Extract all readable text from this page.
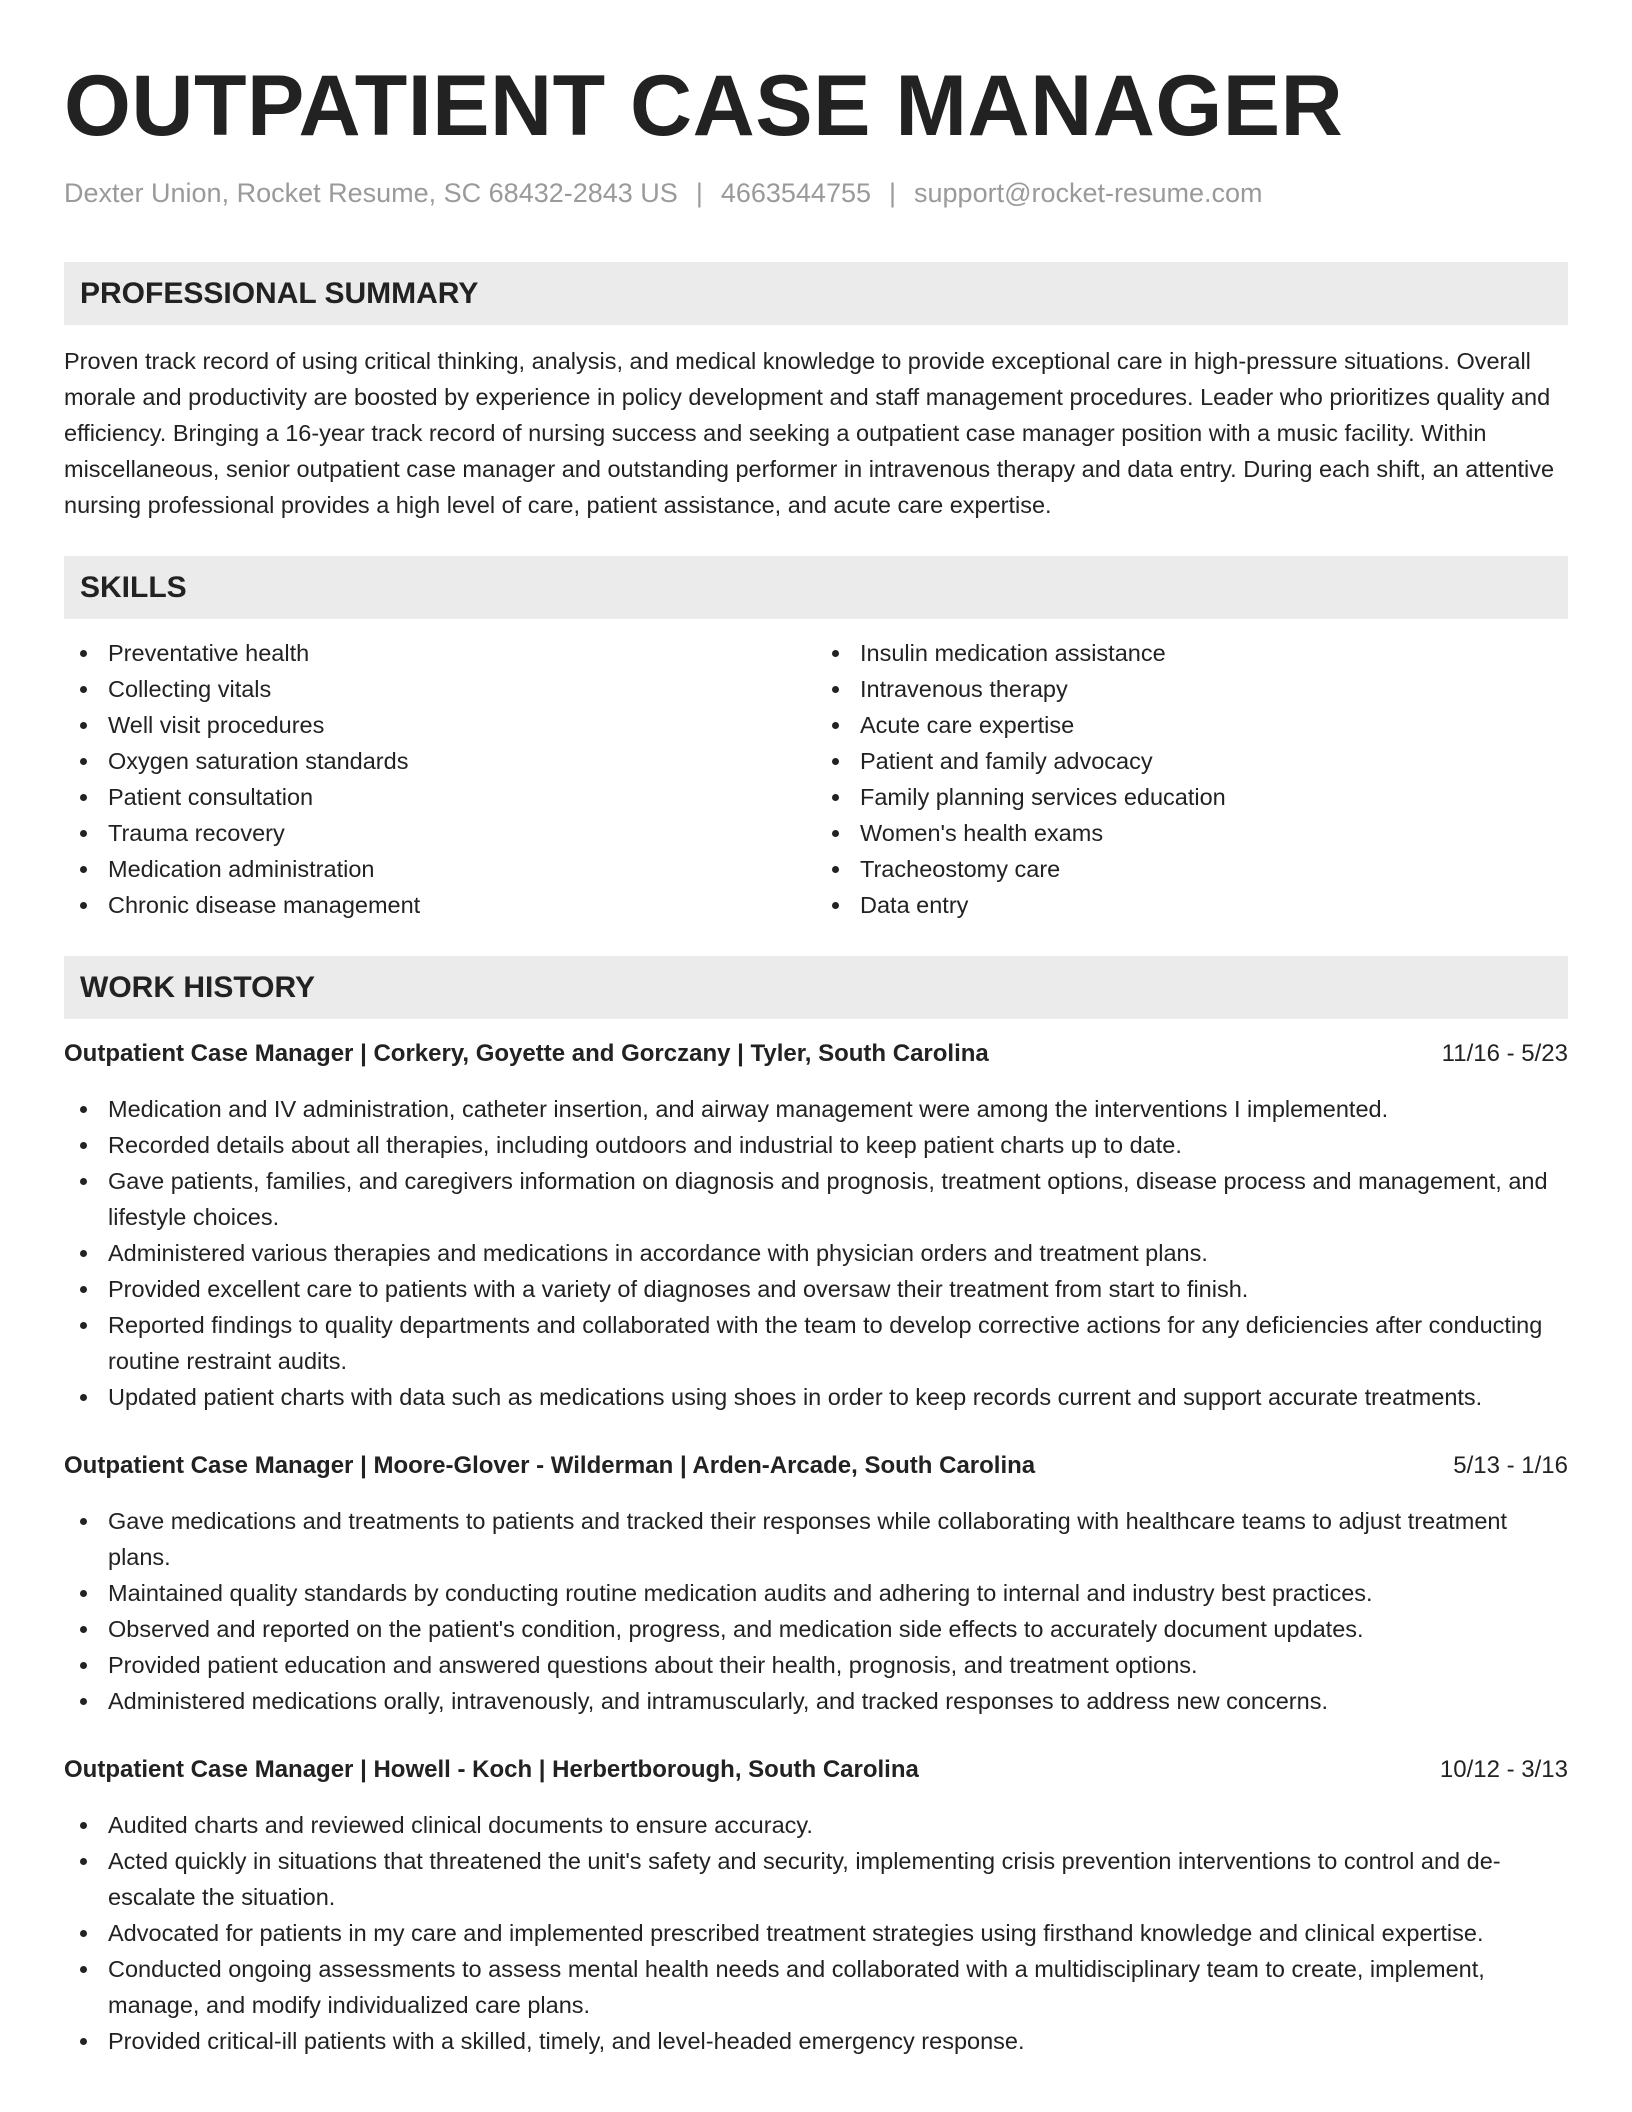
OUTPATIENT CASE MANAGER
Dexter Union, Rocket Resume, SC 68432-2843 US | 4663544755 | support@rocket-resume.com
PROFESSIONAL SUMMARY

Proven track record of using critical thinking, analysis, and medical knowledge to provide exceptional care in high-pressure situations. Overall morale and productivity are boosted by experience in policy development and staff management procedures. Leader who prioritizes quality and efficiency. Bringing a 16-year track record of nursing success and seeking a outpatient case manager position with a music facility. Within miscellaneous, senior outpatient case manager and outstanding performer in intravenous therapy and data entry. During each shift, an attentive nursing professional provides a high level of care, patient assistance, and acute care expertise.

SKILLS
Preventative health
Collecting vitals
Well visit procedures
Oxygen saturation standards
Patient consultation
Trauma recovery
Medication administration
Chronic disease management
Insulin medication assistance
Intravenous therapy
Acute care expertise
Patient and family advocacy
Family planning services education
Women's health exams
Tracheostomy care
Data entry
WORK HISTORY
Outpatient Case Manager | Corkery, Goyette and Gorczany | Tyler, South Carolina	11/16 - 5/23
Medication and IV administration, catheter insertion, and airway management were among the interventions I implemented.
Recorded details about all therapies, including outdoors and industrial to keep patient charts up to date.
Gave patients, families, and caregivers information on diagnosis and prognosis, treatment options, disease process and management, and lifestyle choices.
Administered various therapies and medications in accordance with physician orders and treatment plans.
Provided excellent care to patients with a variety of diagnoses and oversaw their treatment from start to finish.
Reported findings to quality departments and collaborated with the team to develop corrective actions for any deficiencies after conducting routine restraint audits.
Updated patient charts with data such as medications using shoes in order to keep records current and support accurate treatments.
Outpatient Case Manager | Moore-Glover - Wilderman | Arden-Arcade, South Carolina	5/13 - 1/16
Gave medications and treatments to patients and tracked their responses while collaborating with healthcare teams to adjust treatment plans.
Maintained quality standards by conducting routine medication audits and adhering to internal and industry best practices.
Observed and reported on the patient's condition, progress, and medication side effects to accurately document updates.
Provided patient education and answered questions about their health, prognosis, and treatment options.
Administered medications orally, intravenously, and intramuscularly, and tracked responses to address new concerns.
Outpatient Case Manager | Howell - Koch | Herbertborough, South Carolina	10/12 - 3/13
Audited charts and reviewed clinical documents to ensure accuracy.
Acted quickly in situations that threatened the unit's safety and security, implementing crisis prevention interventions to control and de-escalate the situation.
Advocated for patients in my care and implemented prescribed treatment strategies using firsthand knowledge and clinical expertise.
Conducted ongoing assessments to assess mental health needs and collaborated with a multidisciplinary team to create, implement, manage, and modify individualized care plans.
Provided critical-ill patients with a skilled, timely, and level-headed emergency response.
